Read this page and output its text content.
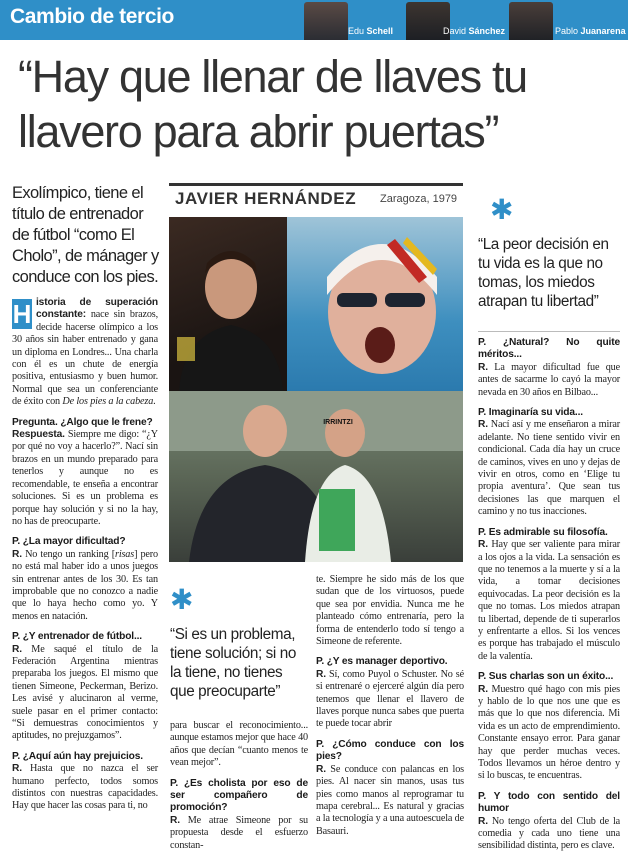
Cambio de tercio
Edu Schell	David Sánchez	Pablo Juanarena
“Hay que llenar de llaves tu llavero para abrir puertas”
Exolímpico, tiene el título de entrenador de fútbol “como El Cholo”, de mánager y conduce con los pies.
JAVIER HERNÁNDEZ Zaragoza, 1979
IRRINTZI
✱
“La peor decisión en tu vida es la que no tomas, los miedos atrapan tu libertad”
✱
“Si es un problema, tiene solución; si no la tiene, no tienes que preocuparte”

H istoria de superación constante: nace sin brazos, decide hacerse olímpico a los 30 años sin haber entrenado y gana un diploma en Londres... Una charla con él es un chute de energía positiva, entusiasmo y buen humor. Normal que sea un conferenciante de éxito con De los pies a la cabeza.

Pregunta. ¿Algo que le frene?
Respuesta. Siempre me digo: “¿Y por qué no voy a hacerlo?”. Nací sin brazos en un mundo preparado para tenerlos y aunque no es recomendable, te enseña a encontrar soluciones. Si es un problema es porque hay solución y si no la hay, no has de preocuparte.

P. ¿La mayor dificultad?
R. No tengo un ranking [risas] pero no está mal haber ido a unos juegos sin entrenar antes de los 30. Es tan improbable que no conozco a nadie que lo haya hecho como yo. Y menos en natación.

P. ¿Y entrenador de fútbol...
R. Me saqué el título de la Federación Argentina mientras preparaba los juegos. El mismo que tienen Simeone, Peckerman, Berizo. Les avisé y alucinaron al verme, suele pasar en el primer contacto: “Si demuestras conocimientos y aptitudes, no prejuzgamos”.

P. ¿Aquí aún hay prejuicios.
R. Hasta que no nazca el ser humano perfecto, todos somos distintos con nuestras capacidades. Hay que hacer las cosas para ti, no

para buscar el reconocimiento... aunque estamos mejor que hace 40 años que decían “cuanto menos te vean mejor”.

P. ¿Es cholista por eso de ser compañero de promoción?
R. Me atrae Simeone por su propuesta desde el esfuerzo constan-

te. Siempre he sido más de los que sudan que de los virtuosos, puede que sea por envidia. Nunca me he planteado cómo entrenaría, pero la forma de entenderlo todo sí tengo a Simeone de referente.

P. ¿Y es manager deportivo.
R. Sí, como Puyol o Schuster. No sé si entrenaré o ejerceré algún día pero tenemos que llenar el llavero de llaves porque nunca sabes que puerta te puede tocar abrir

P. ¿Cómo conduce con los pies?
R. Se conduce con palancas en los pies. Al nacer sin manos, usas tus pies como manos al reprogramar tu mapa cerebral... Es natural y gracias a la tecnología y a una autoescuela de Basauri.

P. ¿Natural? No quite méritos...
R. La mayor dificultad fue que antes de sacarme lo cayó la mayor nevada en 30 años en Bilbao...

P. Imaginaría su vida...
R. Nací así y me enseñaron a mirar adelante. No tiene sentido vivir en condicional. Cada día hay un cruce de caminos, vives en uno y dejas de vivir en otros, como en ‘Elige tu propia aventura’. Que sean tus decisiones las que marquen el camino y no tus inacciones.

P. Es admirable su filosofía.
R. Hay que ser valiente para mirar a los ojos a la vida. La sensación es que no tenemos a la muerte y sí a la vida, a tomar decisiones equivocadas. La peor decisión es la que no tomas. Los miedos atrapan tu libertad, depende de ti superarlos y enfrentarte a ellos. Si los vences es porque has trabajado el músculo de la valentía.

P. Sus charlas son un éxito...
R. Muestro qué hago con mis pies y hablo de lo que nos une que es más que lo que nos diferencia. Mi vida es un acto de emprendimiento. Constante ensayo error. Para ganar hay que perder muchas veces. Todos llevamos un héroe dentro y si lo buscas, te encuentras.

P. Y todo con sentido del humor
R. No tengo oferta del Club de la comedia y cada uno tiene una sensibilidad distinta, pero es clave.
